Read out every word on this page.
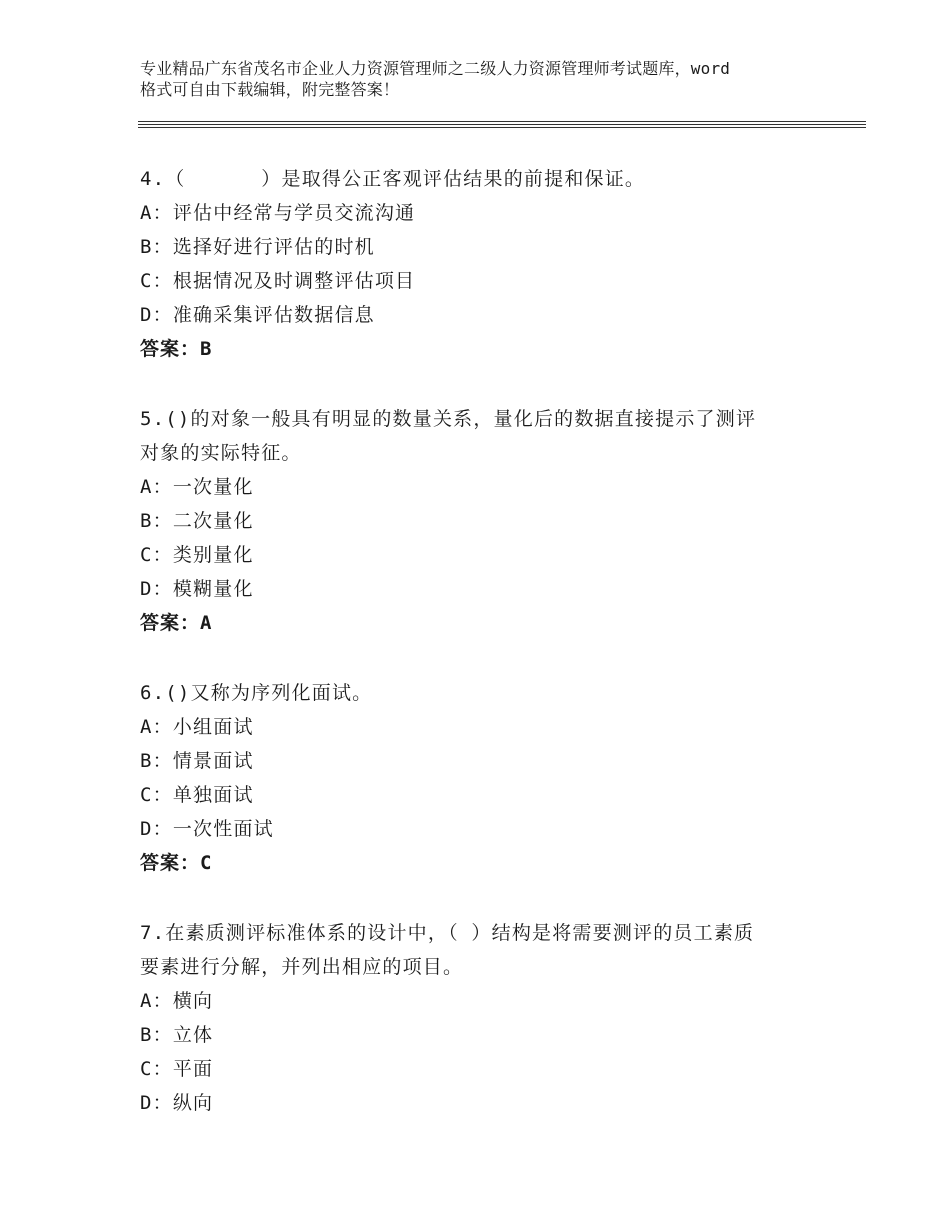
专业精品广东省茂名市企业人力资源管理师之二级人力资源管理师考试题库，word
格式可自由下载编辑，附完整答案！
4.（      ）是取得公正客观评估结果的前提和保证。
A：评估中经常与学员交流沟通
B：选择好进行评估的时机
C：根据情况及时调整评估项目
D：准确采集评估数据信息
答案：B
5.()的对象一般具有明显的数量关系，量化后的数据直接提示了测评
对象的实际特征。
A：一次量化
B：二次量化
C：类别量化
D：模糊量化
答案：A
6.()又称为序列化面试。
A：小组面试
B：情景面试
C：单独面试
D：一次性面试
答案：C
7.在素质测评标准体系的设计中，（ ）结构是将需要测评的员工素质
要素进行分解，并列出相应的项目。
A：横向
B：立体
C：平面
D：纵向
